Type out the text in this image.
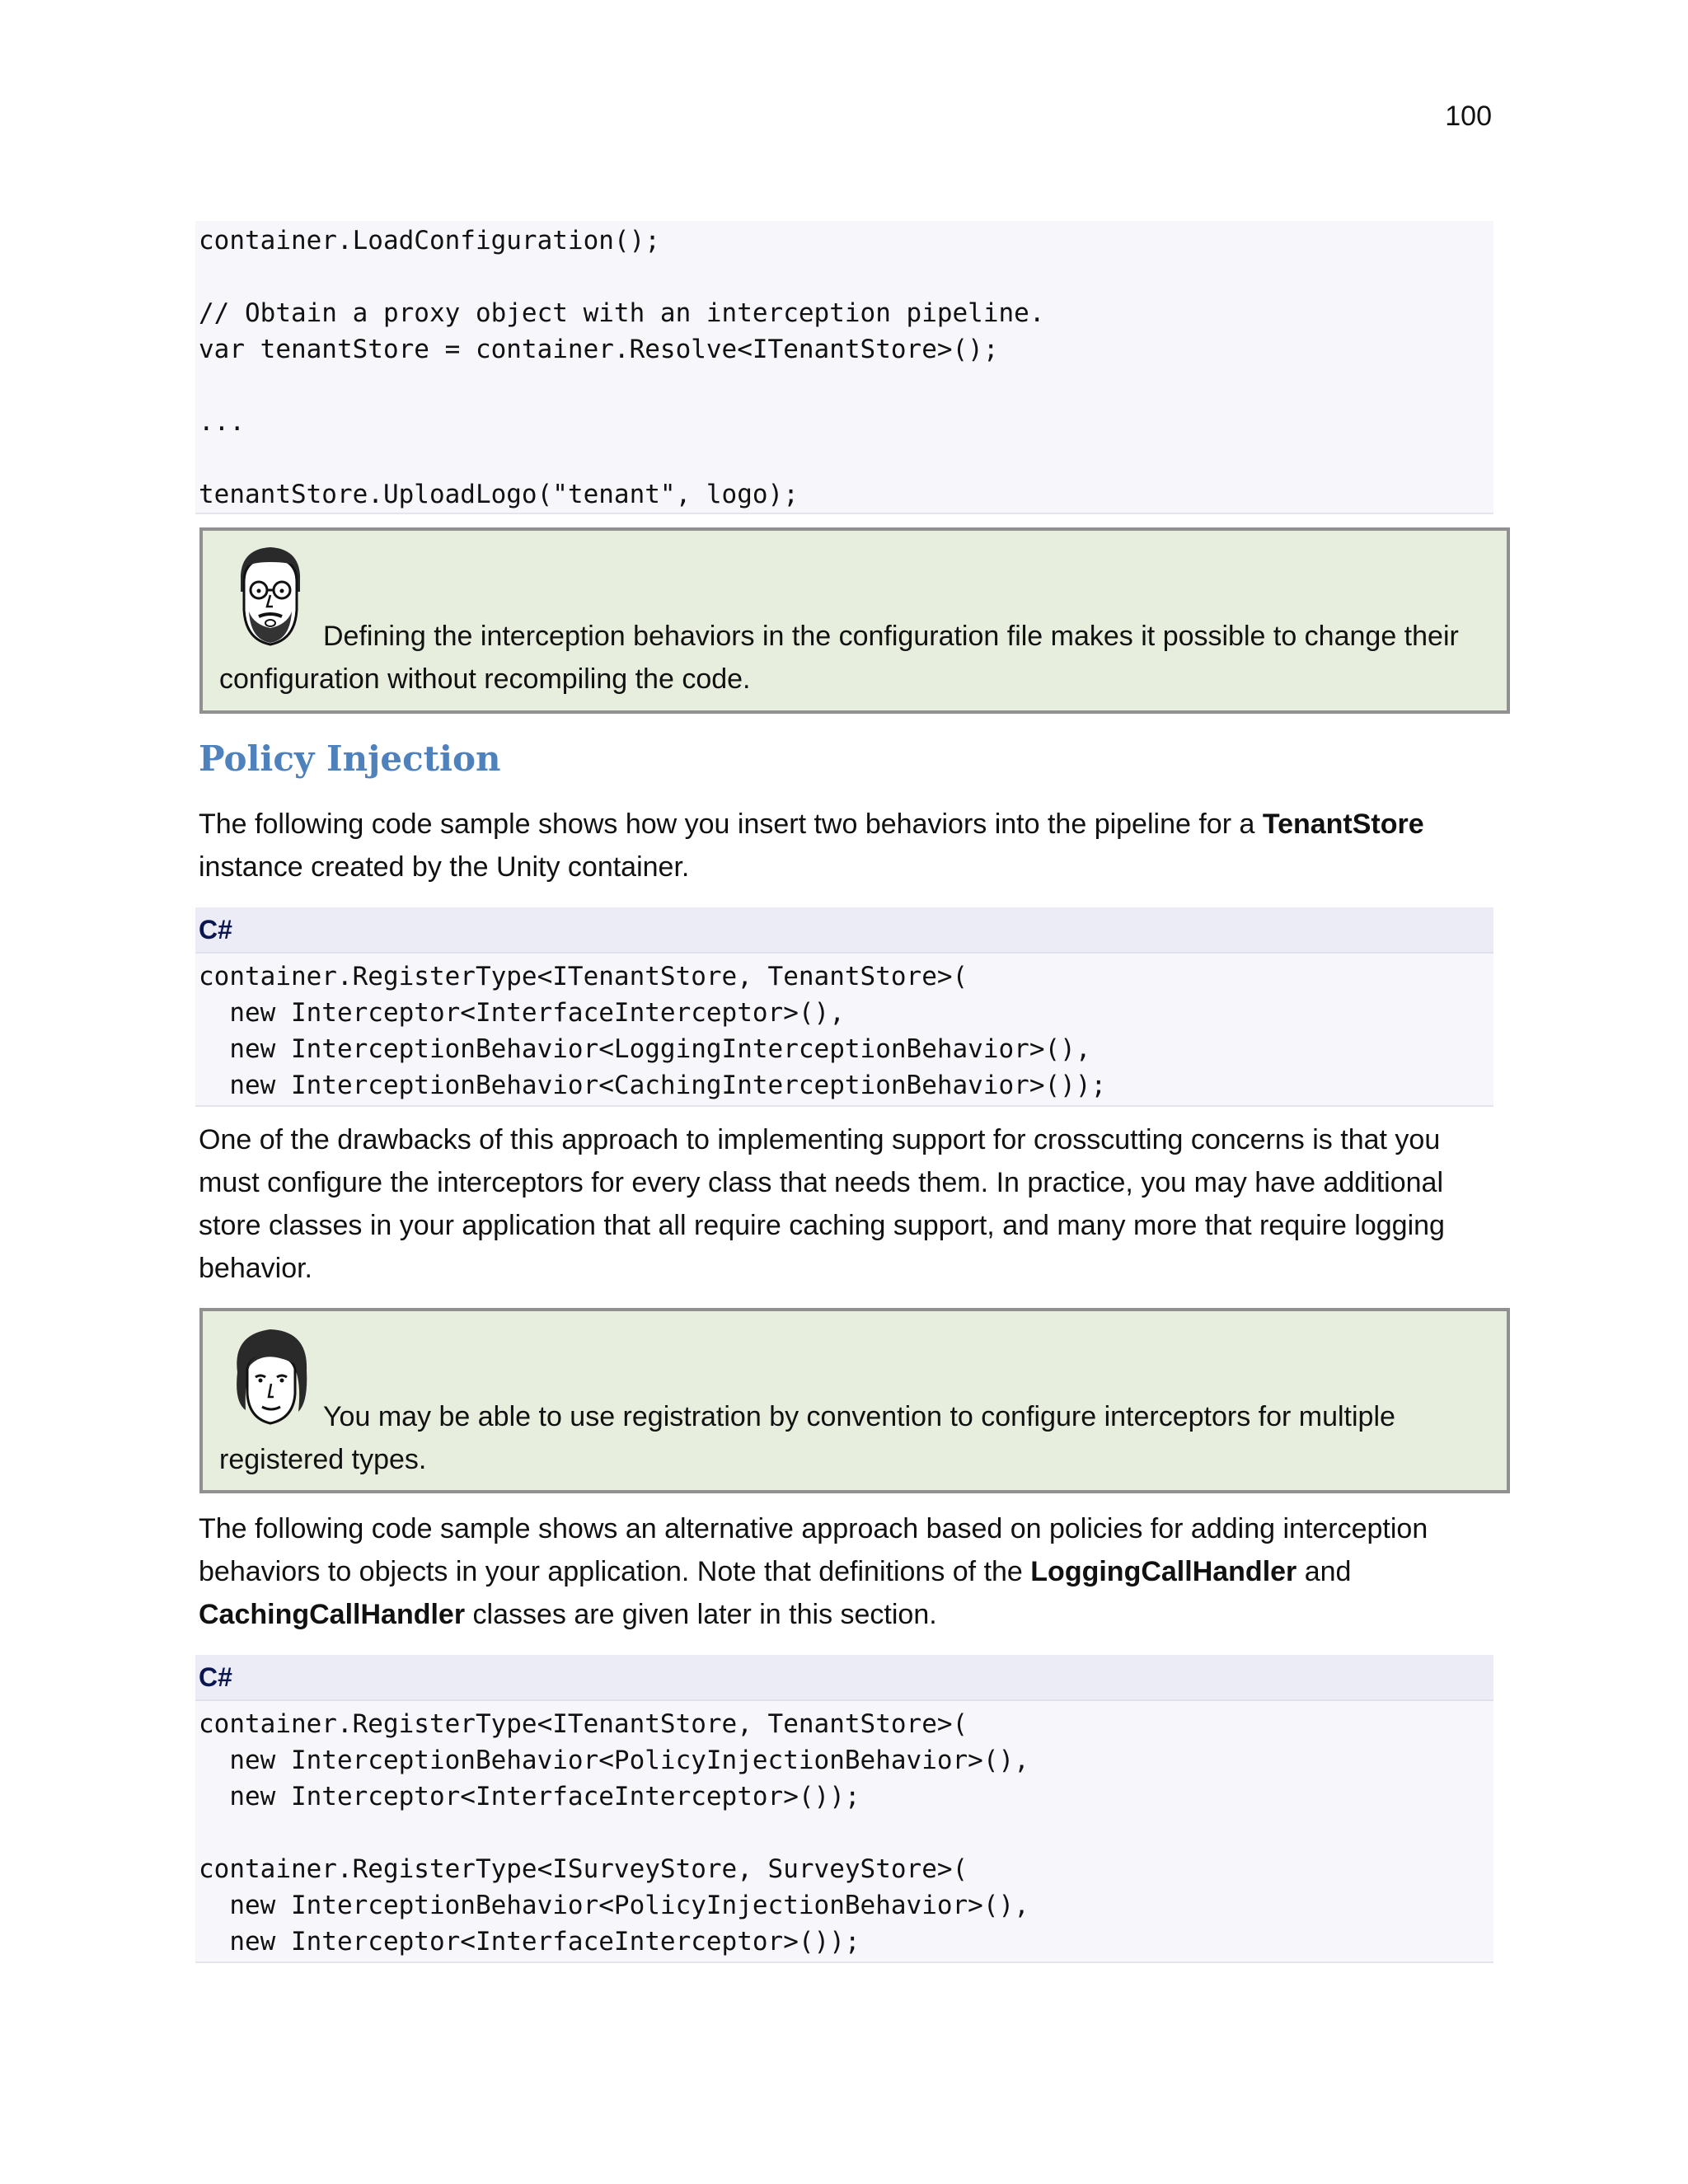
100
container.LoadConfiguration();
// Obtain a proxy object with an interception pipeline.
var tenantStore = container.Resolve<ITenantStore>();
...
tenantStore.UploadLogo("tenant", logo);
Defining the interception behaviors in the configuration file makes it possible to change their configuration without recompiling the code.
Policy Injection
The following code sample shows how you insert two behaviors into the pipeline for a TenantStore instance created by the Unity container.
C#
container.RegisterType<ITenantStore, TenantStore>(
new Interceptor<InterfaceInterceptor>(),
new InterceptionBehavior<LoggingInterceptionBehavior>(),
new InterceptionBehavior<CachingInterceptionBehavior>());
One of the drawbacks of this approach to implementing support for crosscutting concerns is that you must configure the interceptors for every class that needs them. In practice, you may have additional store classes in your application that all require caching support, and many more that require logging behavior.
You may be able to use registration by convention to configure interceptors for multiple registered types.
The following code sample shows an alternative approach based on policies for adding interception behaviors to objects in your application. Note that definitions of the LoggingCallHandler and CachingCallHandler classes are given later in this section.
C#
container.RegisterType<ITenantStore, TenantStore>(
new InterceptionBehavior<PolicyInjectionBehavior>(),
new Interceptor<InterfaceInterceptor>());
container.RegisterType<ISurveyStore, SurveyStore>(
new InterceptionBehavior<PolicyInjectionBehavior>(),
new Interceptor<InterfaceInterceptor>());
